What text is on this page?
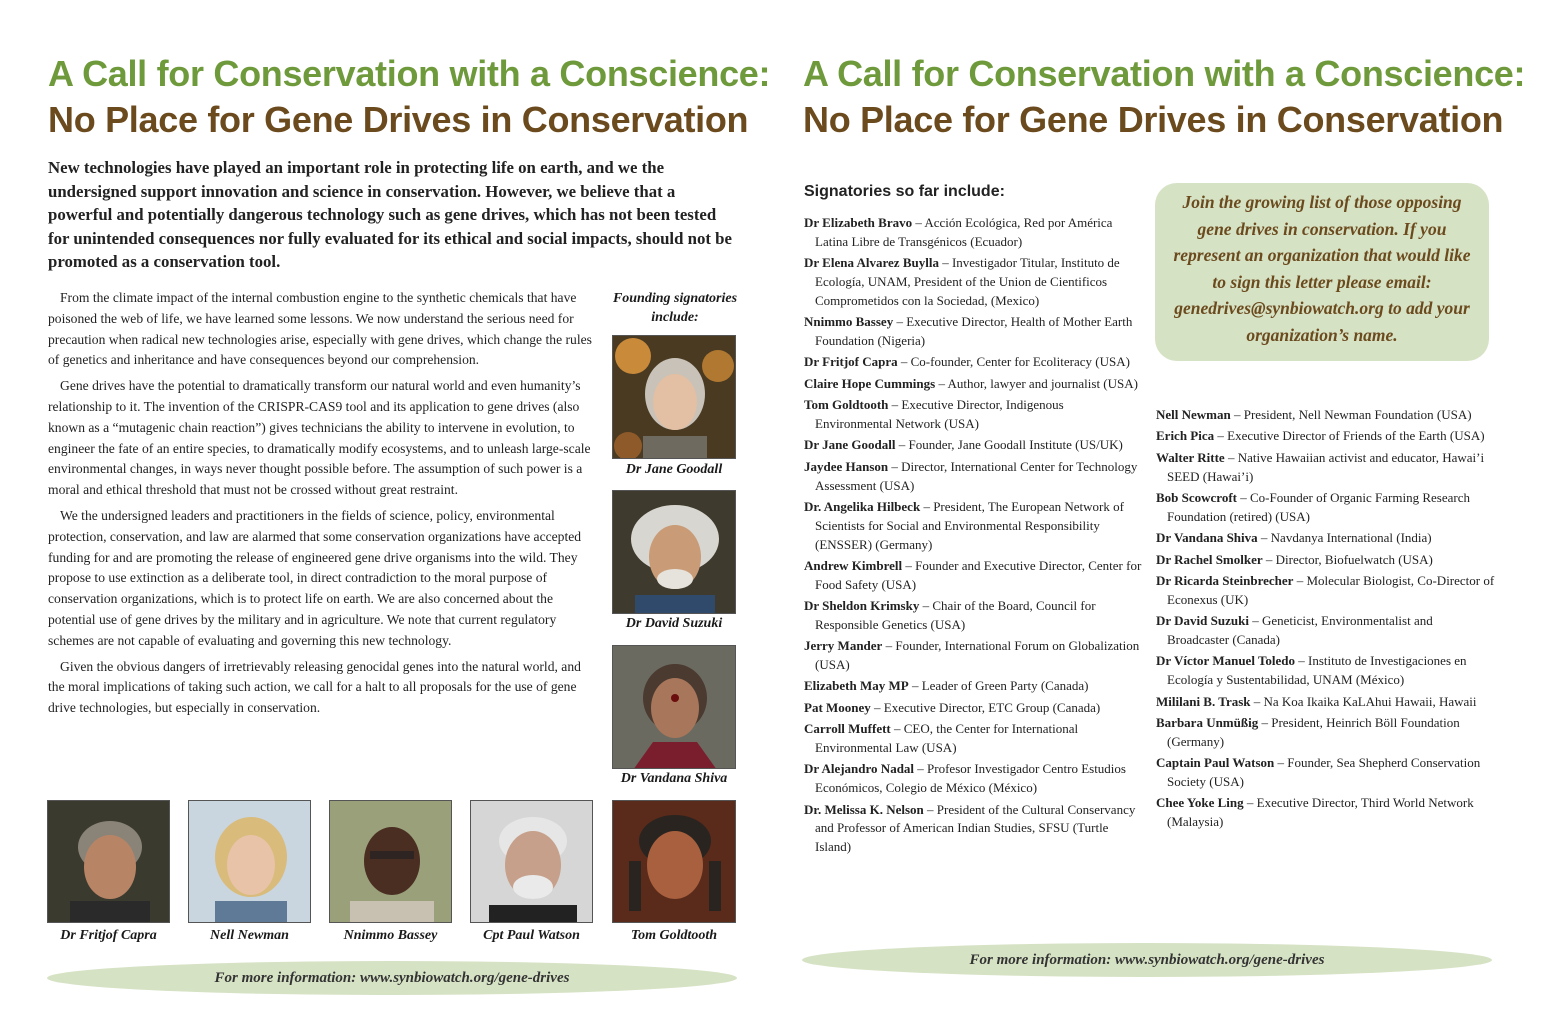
A Call for Conservation with a Conscience:
No Place for Gene Drives in Conservation
New technologies have played an important role in protecting life on earth, and we the undersigned support innovation and science in conservation. However, we believe that a powerful and potentially dangerous technology such as gene drives, which has not been tested for unintended consequences nor fully evaluated for its ethical and social impacts, should not be promoted as a conservation tool.

From the climate impact of the internal combustion engine to the synthetic chemicals that have poisoned the web of life, we have learned some lessons. We now understand the serious need for precaution when radical new technologies arise, especially with gene drives, which change the rules of genetics and inheritance and have consequences beyond our comprehension.

Gene drives have the potential to dramatically transform our natural world and even humanity’s relationship to it. The invention of the CRISPR-CAS9 tool and its application to gene drives (also known as a “mutagenic chain reaction”) gives technicians the ability to intervene in evolution, to engineer the fate of an entire species, to dramatically modify ecosystems, and to unleash large-scale environmental changes, in ways never thought possible before. The assumption of such power is a moral and ethical threshold that must not be crossed without great restraint.

We the undersigned leaders and practitioners in the fields of science, policy, environmental protection, conservation, and law are alarmed that some conservation organizations have accepted funding for and are promoting the release of engineered gene drive organisms into the wild. They propose to use extinction as a deliberate tool, in direct contradiction to the moral purpose of conservation organizations, which is to protect life on earth. We are also concerned about the potential use of gene drives by the military and in agriculture. We note that current regulatory schemes are not capable of evaluating and governing this new technology.

Given the obvious dangers of irretrievably releasing genocidal genes into the natural world, and the moral implications of taking such action, we call for a halt to all proposals for the use of gene drive technologies, but especially in conservation.

Founding signatories include:
Dr Jane Goodall
Dr David Suzuki
Dr Vandana Shiva
Dr Fritjof Capra	Nell Newman	Nnimmo Bassey	Cpt Paul Watson	Tom Goldtooth
For more information: www.synbiowatch.org/gene-drives
A Call for Conservation with a Conscience:
No Place for Gene Drives in Conservation
Signatories so far include:
Dr Elizabeth Bravo – Acción Ecológica, Red por América Latina Libre de Transgénicos (Ecuador)
Dr Elena Alvarez Buylla – Investigador Titular, Instituto de Ecología, UNAM, President of the Union de Cientificos Comprometidos con la Sociedad, (Mexico)
Nnimmo Bassey – Executive Director, Health of Mother Earth Foundation (Nigeria)
Dr Fritjof Capra – Co-founder, Center for Ecoliteracy (USA)
Claire Hope Cummings – Author, lawyer and journalist (USA)
Tom Goldtooth – Executive Director, Indigenous Environmental Network (USA)
Dr Jane Goodall – Founder, Jane Goodall Institute (US/UK)
Jaydee Hanson – Director, International Center for Technology Assessment (USA)
Dr. Angelika Hilbeck – President, The European Network of Scientists for Social and Environmental Responsibility (ENSSER) (Germany)
Andrew Kimbrell – Founder and Executive Director, Center for Food Safety (USA)
Dr Sheldon Krimsky – Chair of the Board, Council for Responsible Genetics (USA)
Jerry Mander – Founder, International Forum on Globalization (USA)
Elizabeth May MP – Leader of Green Party (Canada)
Pat Mooney – Executive Director, ETC Group (Canada)
Carroll Muffett – CEO, the Center for International Environmental Law (USA)
Dr Alejandro Nadal – Profesor Investigador Centro Estudios Económicos, Colegio de México (México)
Dr. Melissa K. Nelson – President of the Cultural Conservancy and Professor of American Indian Studies, SFSU (Turtle Island)
Join the growing list of those opposing gene drives in conservation. If you represent an organization that would like to sign this letter please email: genedrives@synbiowatch.org to add your organization’s name.
Nell Newman – President, Nell Newman Foundation (USA)
Erich Pica – Executive Director of Friends of the Earth (USA)
Walter Ritte – Native Hawaiian activist and educator, Hawai’i SEED (Hawai’i)
Bob Scowcroft – Co-Founder of Organic Farming Research Foundation (retired) (USA)
Dr Vandana Shiva – Navdanya International (India)
Dr Rachel Smolker – Director, Biofuelwatch (USA)
Dr Ricarda Steinbrecher – Molecular Biologist, Co-Director of Econexus (UK)
Dr David Suzuki – Geneticist, Environmentalist and Broadcaster (Canada)
Dr Víctor Manuel Toledo – Instituto de Investigaciones en Ecología y Sustentabilidad, UNAM (México)
Mililani B. Trask – Na Koa Ikaika KaLAhui Hawaii, Hawaii
Barbara Unmüßig – President, Heinrich Böll Foundation (Germany)
Captain Paul Watson – Founder, Sea Shepherd Conservation Society (USA)
Chee Yoke Ling – Executive Director, Third World Network (Malaysia)
For more information: www.synbiowatch.org/gene-drives
